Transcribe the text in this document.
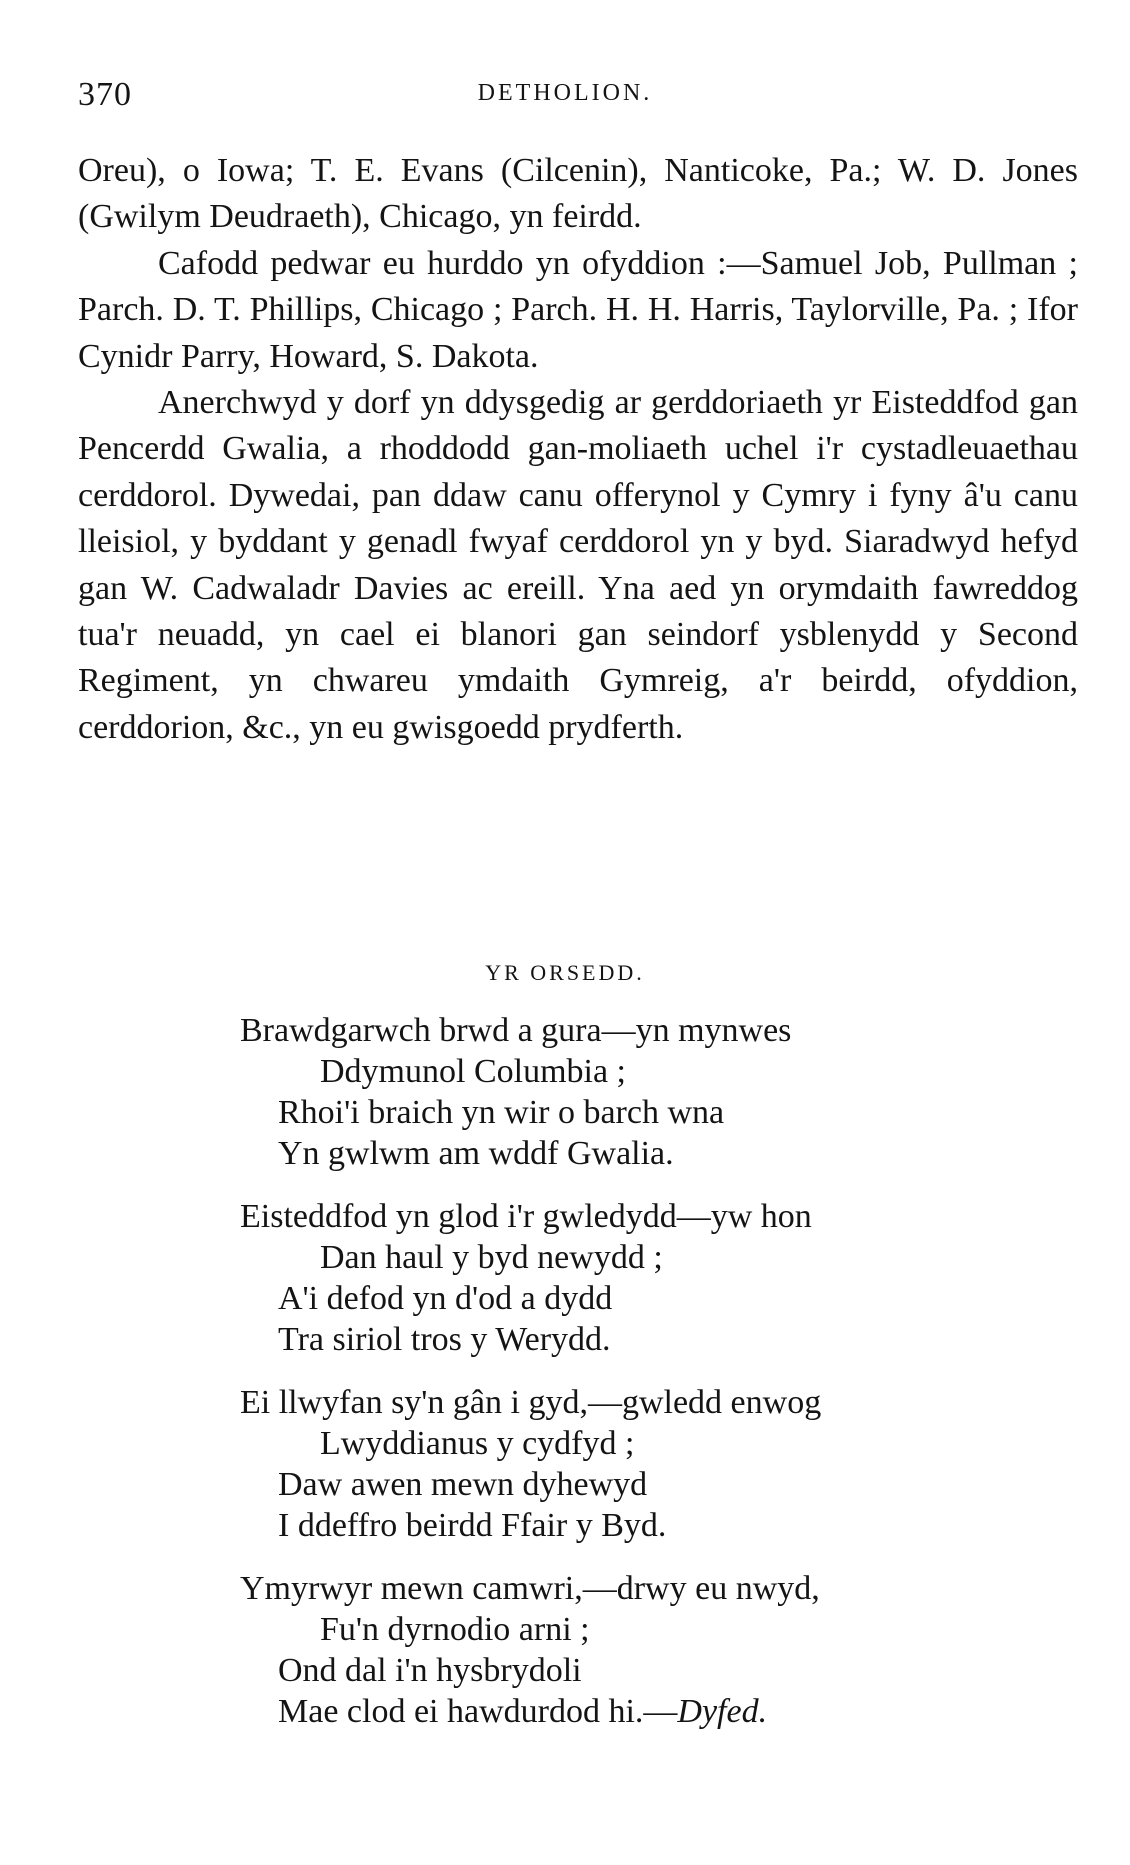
370	DETHOLION.

Oreu), o Iowa; T. E. Evans (Cilcenin), Nanticoke, Pa.; W. D. Jones (Gwilym Deudraeth), Chicago, yn feirdd.

Cafodd pedwar eu hurddo yn ofyddion :—Samuel Job, Pullman ; Parch. D. T. Phillips, Chicago ; Parch. H. H. Harris, Taylorville, Pa. ; Ifor Cynidr Parry, Howard, S. Dakota.

Anerchwyd y dorf yn ddysgedig ar gerddoriaeth yr Eisteddfod gan Pencerdd Gwalia, a rhoddodd gan-moliaeth uchel i'r cystadleuaethau cerddorol. Dywedai, pan ddaw canu offerynol y Cymry i fyny â'u canu lleisiol, y byddant y genadl fwyaf cerddorol yn y byd. Siaradwyd hefyd gan W. Cadwaladr Davies ac ereill. Yna aed yn orymdaith fawreddog tua'r neuadd, yn cael ei blanori gan seindorf ysblenydd y Second Regiment, yn chwareu ymdaith Gymreig, a'r beirdd, ofyddion, cerddorion, &c., yn eu gwisgoedd prydferth.

YR ORSEDD.
Brawdgarwch brwd a gura—yn mynwes
Ddymunol Columbia ;
Rhoi'i braich yn wir o barch wna
Yn gwlwm am wddf Gwalia.
Eisteddfod yn glod i'r gwledydd—yw hon
Dan haul y byd newydd ;
A'i defod yn d'od a dydd
Tra siriol tros y Werydd.
Ei llwyfan sy'n gân i gyd,—gwledd enwog
Lwyddianus y cydfyd ;
Daw awen mewn dyhewyd
I ddeffro beirdd Ffair y Byd.
Ymyrwyr mewn camwri,—drwy eu nwyd,
Fu'n dyrnodio arni ;
Ond dal i'n hysbrydoli
Mae clod ei hawdurdod hi.—Dyfed.
